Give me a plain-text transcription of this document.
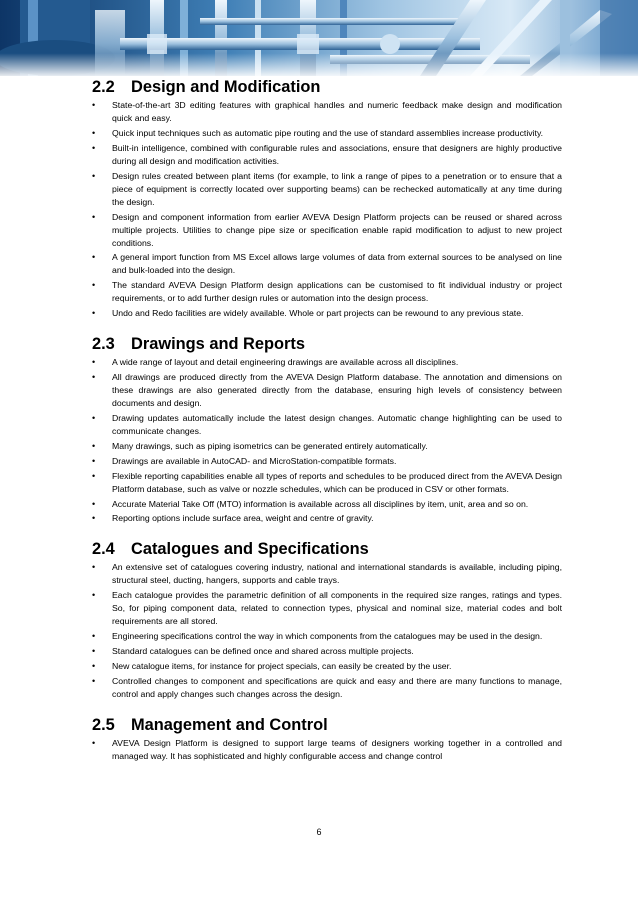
2.2 Design and Modification
• State-of-the-art 3D editing features with graphical handles and numeric feedback make design and modification quick and easy.
• Quick input techniques such as automatic pipe routing and the use of standard assemblies increase productivity.
• Built-in intelligence, combined with configurable rules and associations, ensure that designers are highly productive during all design and modification activities.
• Design rules created between plant items (for example, to link a range of pipes to a penetration or to ensure that a piece of equipment is correctly located over supporting beams) can be rechecked automatically at any time during the design.
• Design and component information from earlier AVEVA Design Platform projects can be reused or shared across multiple projects. Utilities to change pipe size or specification enable rapid modification to adjust to new project conditions.
• A general import function from MS Excel allows large volumes of data from external sources to be analysed on line and bulk-loaded into the design.
• The standard AVEVA Design Platform design applications can be customised to fit individual industry or project requirements, or to add further design rules or automation into the design process.
• Undo and Redo facilities are widely available. Whole or part projects can be rewound to any previous state.
2.3 Drawings and Reports
• A wide range of layout and detail engineering drawings are available across all disciplines.
• All drawings are produced directly from the AVEVA Design Platform database. The annotation and dimensions on these drawings are also generated directly from the database, ensuring high levels of consistency between documents and design.
• Drawing updates automatically include the latest design changes. Automatic change highlighting can be used to communicate changes.
• Many drawings, such as piping isometrics can be generated entirely automatically.
• Drawings are available in AutoCAD- and MicroStation-compatible formats.
• Flexible reporting capabilities enable all types of reports and schedules to be produced direct from the AVEVA Design Platform database, such as valve or nozzle schedules, which can be produced in CSV or other formats.
• Accurate Material Take Off (MTO) information is available across all disciplines by item, unit, area and so on.
• Reporting options include surface area, weight and centre of gravity.
2.4 Catalogues and Specifications
• An extensive set of catalogues covering industry, national and international standards is available, including piping, structural steel, ducting, hangers, supports and cable trays.
• Each catalogue provides the parametric definition of all components in the required size ranges, ratings and types. So, for piping component data, related to connection types, physical and nominal size, material codes and bolt requirements are all stored.
• Engineering specifications control the way in which components from the catalogues may be used in the design.
• Standard catalogues can be defined once and shared across multiple projects.
• New catalogue items, for instance for project specials, can easily be created by the user.
• Controlled changes to component and specifications are quick and easy and there are many functions to manage, control and apply changes such changes across the design.
2.5 Management and Control
• AVEVA Design Platform is designed to support large teams of designers working together in a controlled and managed way. It has sophisticated and highly configurable access and change control
6
